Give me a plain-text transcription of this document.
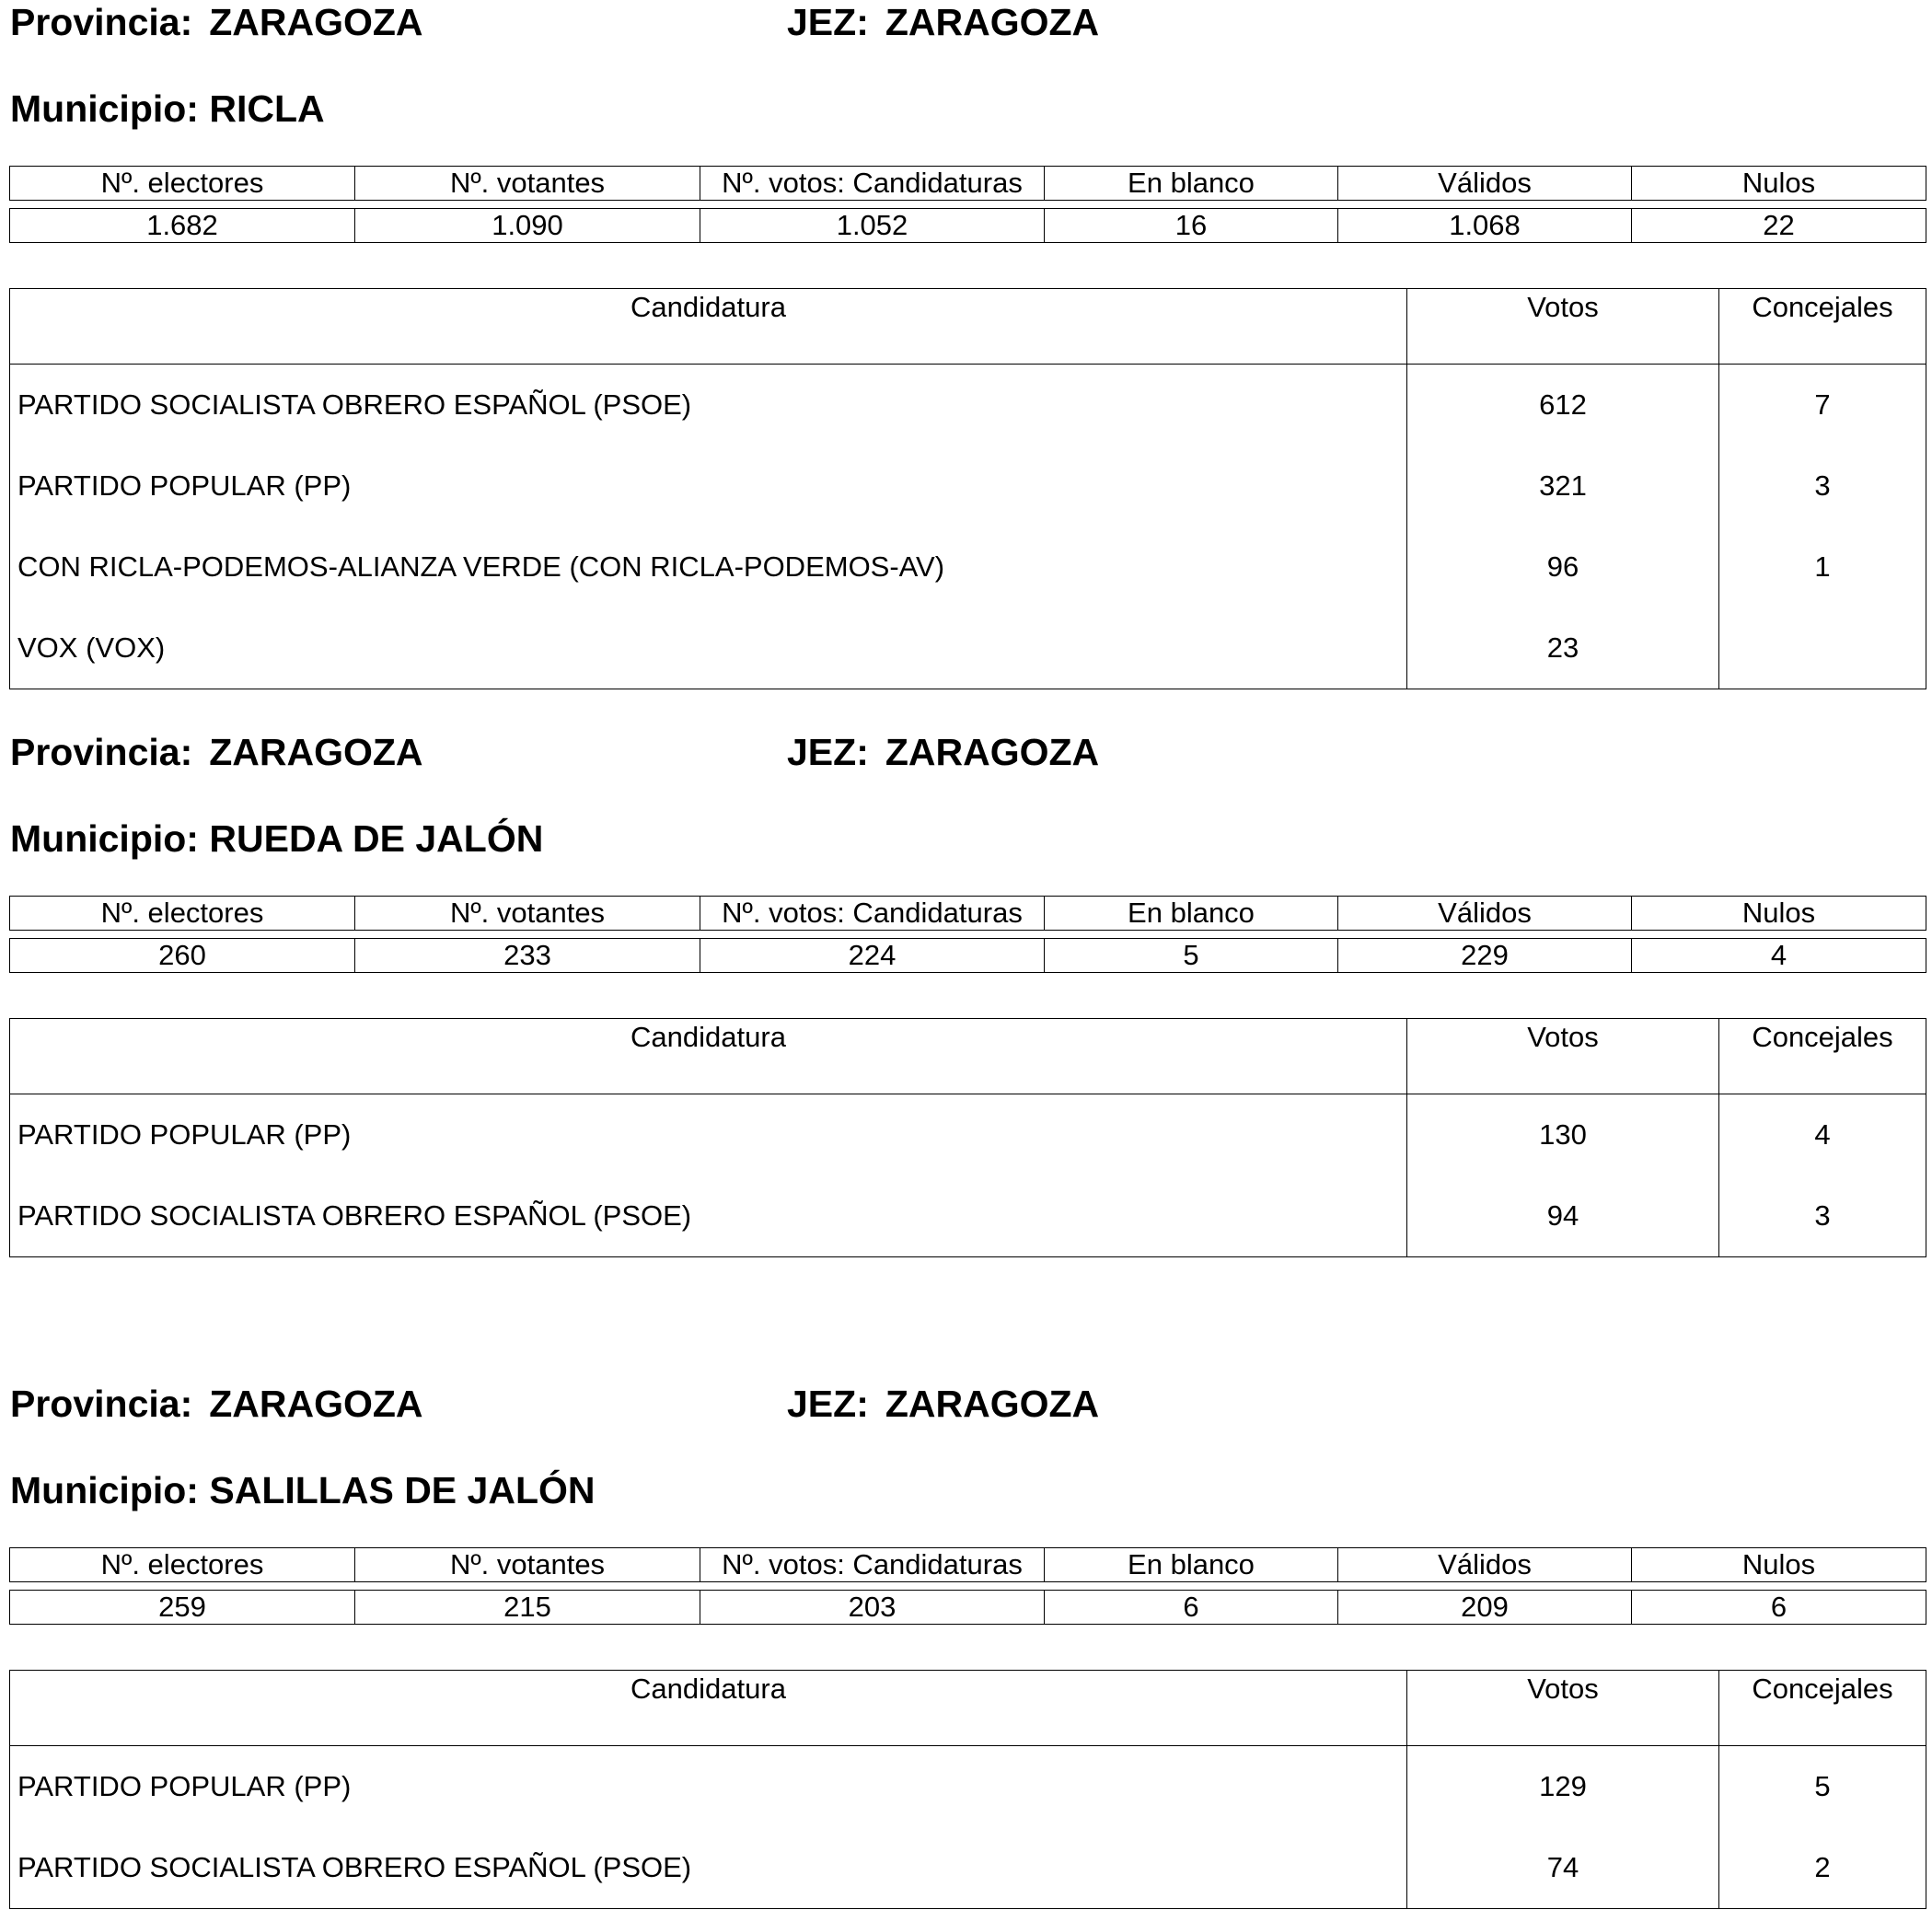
Provincia: ZARAGOZA	JEZ: ZARAGOZA
Municipio: RICLA
Nº. electores	Nº. votantes	Nº. votos: Candidaturas	En blanco	Válidos	Nulos

1.682	1.090	1.052	16	1.068	22
Candidatura	Votos	Concejales
PARTIDO SOCIALISTA OBRERO ESPAÑOL (PSOE)	612	7
PARTIDO POPULAR (PP)	321	3
CON RICLA-PODEMOS-ALIANZA VERDE (CON RICLA-PODEMOS-AV)	96	1
VOX (VOX)	23	
Provincia: ZARAGOZA	JEZ: ZARAGOZA
Municipio: RUEDA DE JALÓN
Nº. electores	Nº. votantes	Nº. votos: Candidaturas	En blanco	Válidos	Nulos

260	233	224	5	229	4
Candidatura	Votos	Concejales
PARTIDO POPULAR (PP)	130	4
PARTIDO SOCIALISTA OBRERO ESPAÑOL (PSOE)	94	3
Provincia: ZARAGOZA	JEZ: ZARAGOZA
Municipio: SALILLAS DE JALÓN
Nº. electores	Nº. votantes	Nº. votos: Candidaturas	En blanco	Válidos	Nulos

259	215	203	6	209	6
Candidatura	Votos	Concejales
PARTIDO POPULAR (PP)	129	5
PARTIDO SOCIALISTA OBRERO ESPAÑOL (PSOE)	74	2
